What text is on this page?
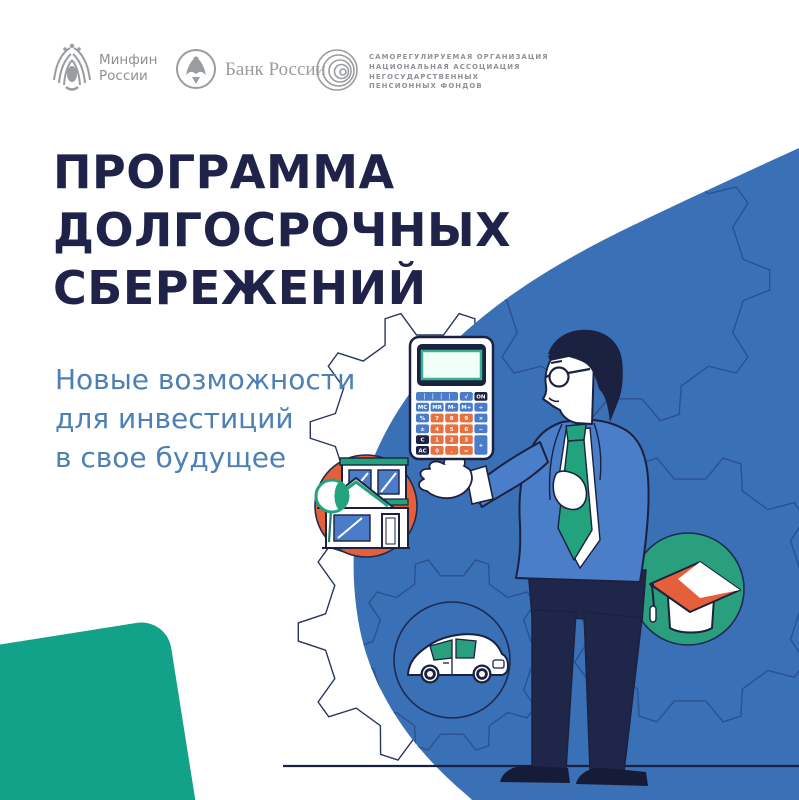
√ ON
MC MR M- M+ ÷
% 7 8 9 ×
± 4 5 6 −
C 1 2 3
+
AC 0 . =
Минфин
России	Банк России
САМОРЕГУЛИРУЕМАЯ ОРГАНИЗАЦИЯ
НАЦИОНАЛЬНАЯ АССОЦИАЦИЯ
НЕГОСУДАРСТВЕННЫХ
ПЕНСИОННЫХ ФОНДОВ
ПРОГРАММА
ДОЛГОСРОЧНЫХ
СБЕРЕЖЕНИЙ
Новые возможности
для инвестиций
в свое будущее
